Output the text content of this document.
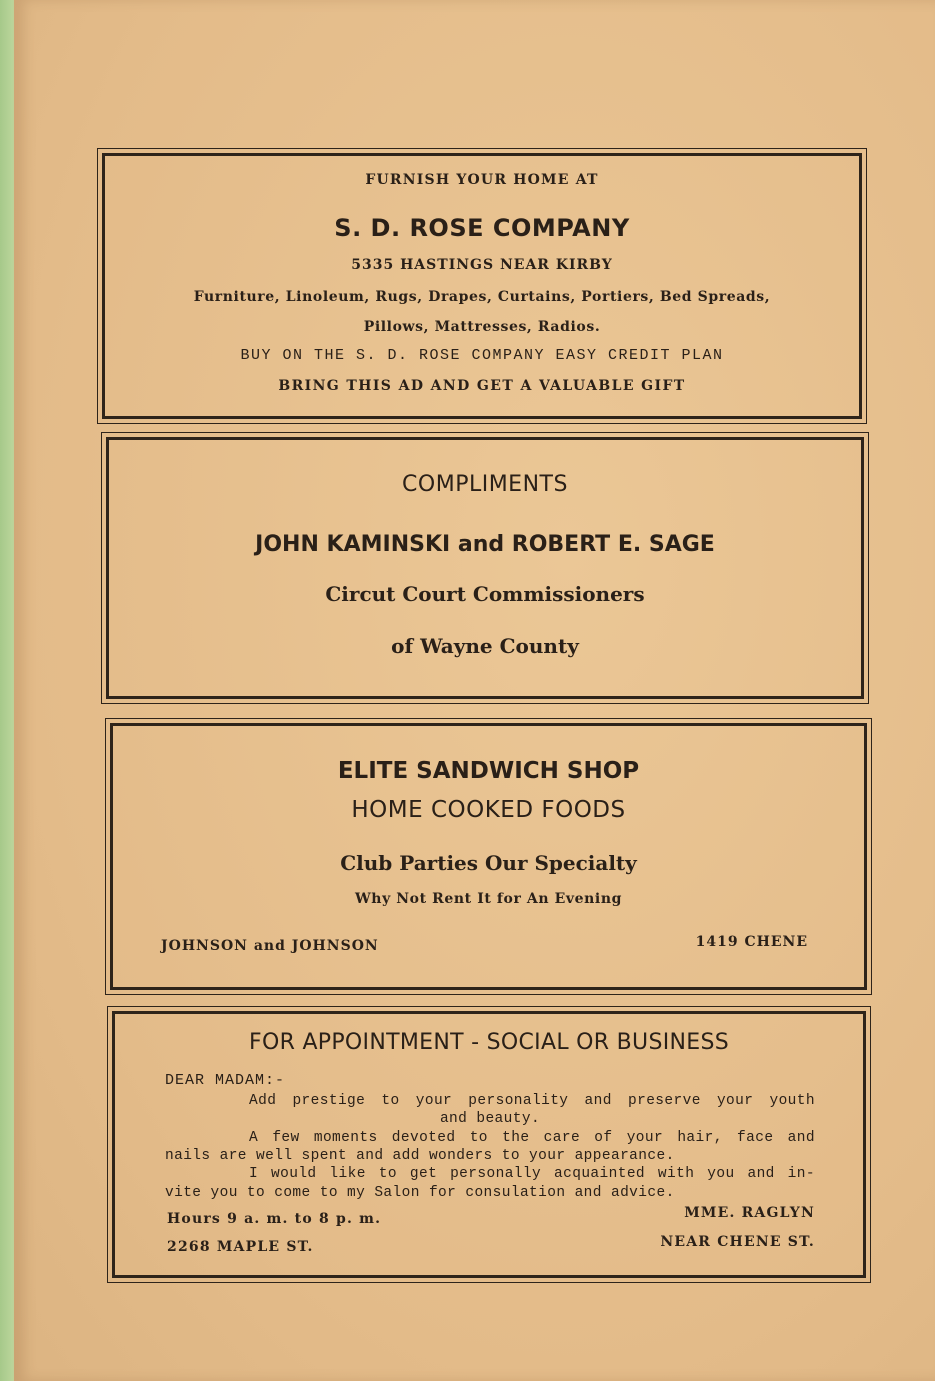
FURNISH YOUR HOME AT
S. D. ROSE COMPANY
5335 HASTINGS NEAR KIRBY
Furniture, Linoleum, Rugs, Drapes, Curtains, Portiers, Bed Spreads,
Pillows, Mattresses, Radios.
BUY ON THE S. D. ROSE COMPANY EASY CREDIT PLAN
BRING THIS AD AND GET A VALUABLE GIFT
COMPLIMENTS
JOHN KAMINSKI and ROBERT E. SAGE
Circut Court Commissioners
of Wayne County
ELITE SANDWICH SHOP
HOME COOKED FOODS
Club Parties Our Specialty
Why Not Rent It for An Evening
JOHNSON and JOHNSON	1419 CHENE
FOR APPOINTMENT - SOCIAL OR BUSINESS
DEAR MADAM:-
Add prestige to your personality and preserve your youth
and beauty.
A few moments devoted to the care of your hair, face and
nails are well spent and add wonders to your appearance.
I would like to get personally acquainted with you and in-
vite you to come to my Salon for consulation and advice.
Hours 9 a. m. to 8 p. m.	MME. RAGLYN
2268 MAPLE ST.	NEAR CHENE ST.
